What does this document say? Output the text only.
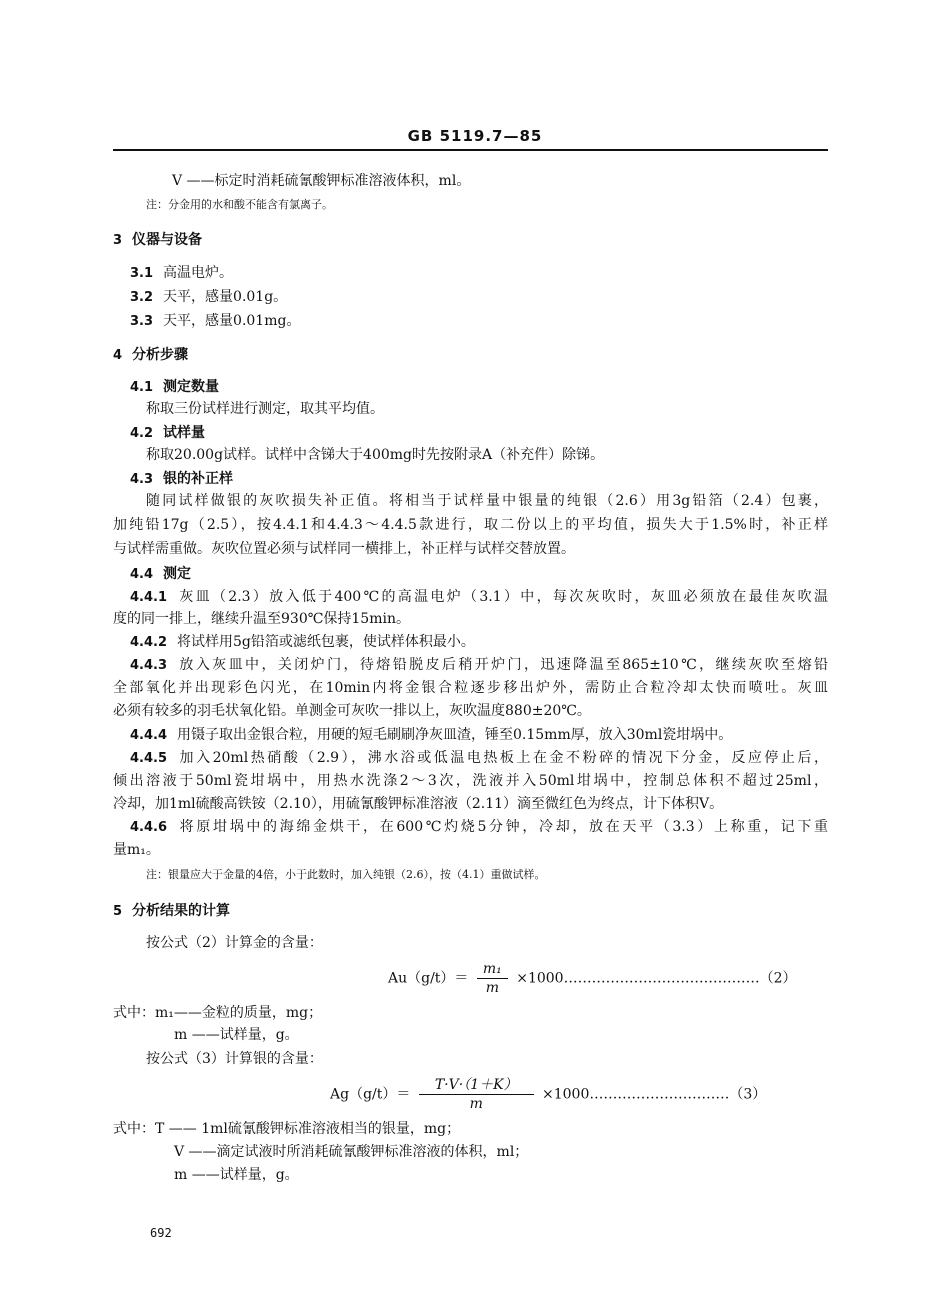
GB 5119.7—85
V ——标定时消耗硫氰酸钾标准溶液体积，ml。
注：分金用的水和酸不能含有氯离子。
3 仪器与设备
3.1 高温电炉。
3.2 天平，感量0.01g。
3.3 天平，感量0.01mg。
4 分析步骤
4.1 测定数量
称取三份试样进行测定，取其平均值。
4.2 试样量
称取20.00g试样。试样中含锑大于400mg时先按附录A（补充件）除锑。
4.3 银的补正样
随同试样做银的灰吹损失补正值。将相当于试样量中银量的纯银（2.6）用3g铅箔（2.4）包裹，
加纯铅17g（2.5），按4.4.1和4.4.3～4.4.5款进行，取二份以上的平均值，损失大于1.5%时，补正样
与试样需重做。灰吹位置必须与试样同一横排上，补正样与试样交替放置。
4.4 测定
4.4.1 灰皿（2.3）放入低于400℃的高温电炉（3.1）中，每次灰吹时，灰皿必须放在最佳灰吹温
度的同一排上，继续升温至930℃保持15min。
4.4.2 将试样用5g铅箔或滤纸包裹，使试样体积最小。
4.4.3 放入灰皿中，关闭炉门，待熔铅脱皮后稍开炉门，迅速降温至865±10℃，继续灰吹至熔铅
全部氧化并出现彩色闪光，在10min内将金银合粒逐步移出炉外，需防止合粒冷却太快而喷吐。灰皿
必须有较多的羽毛状氧化铅。单测金可灰吹一排以上，灰吹温度880±20℃。
4.4.4 用镊子取出金银合粒，用硬的短毛刷刷净灰皿渣，锤至0.15mm厚，放入30ml瓷坩埚中。
4.4.5 加入20ml热硝酸（2.9），沸水浴或低温电热板上在金不粉碎的情况下分金，反应停止后，
倾出溶液于50ml瓷坩埚中，用热水洗涤2～3次，洗液并入50ml坩埚中，控制总体积不超过25ml，
冷却，加1ml硫酸高铁铵（2.10），用硫氰酸钾标准溶液（2.11）滴至微红色为终点，计下体积V。
4.4.6 将原坩埚中的海绵金烘干，在600℃灼烧5分钟，冷却，放在天平（3.3）上称重，记下重
量m₁。
注：银量应大于金量的4倍，小于此数时，加入纯银（2.6），按（4.1）重做试样。
5 分析结果的计算
按公式（2）计算金的含量：
$Au(g/t)= \frac{\text{m₁}}{m}$ ×1000……………………………………（2）
式中：m₁——金粒的质量，mg；
m ——试样量，g。
按公式（3）计算银的含量：
$Ag(g/t)= \frac{T\cdot V\cdot(1+K)}{m}$ ×1000…………………………（3）
式中：T —— 1ml硫氰酸钾标准溶液相当的银量，mg；
V ——滴定试液时所消耗硫氰酸钾标准溶液的体积，ml；
m ——试样量，g。
692
